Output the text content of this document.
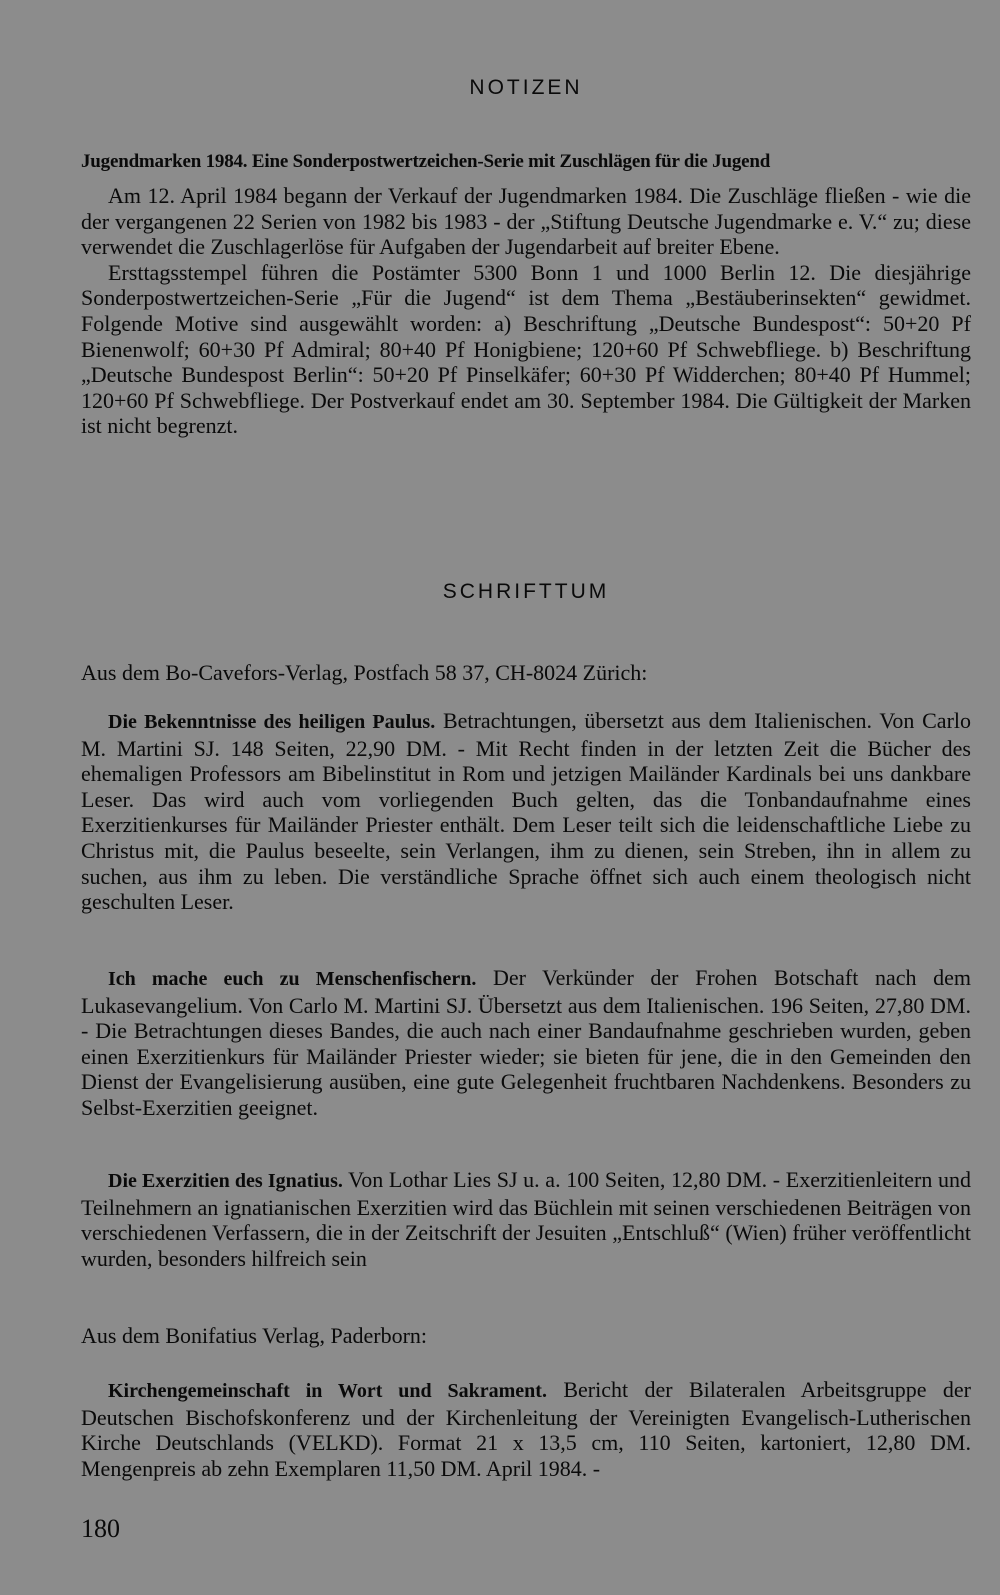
NOTIZEN

Jugendmarken 1984. Eine Sonderpostwertzeichen-Serie mit Zuschlägen für die Jugend

Am 12. April 1984 begann der Verkauf der Jugendmarken 1984. Die Zuschläge fließen - wie die der vergangenen 22 Serien von 1982 bis 1983 - der „Stiftung Deutsche Jugendmarke e. V.“ zu; diese verwendet die Zuschlagerlöse für Aufgaben der Jugendarbeit auf breiter Ebene.

Ersttagsstempel führen die Postämter 5300 Bonn 1 und 1000 Berlin 12. Die diesjährige Sonderpostwertzeichen-Serie „Für die Jugend“ ist dem Thema „Bestäuberinsekten“ gewidmet. Folgende Motive sind ausgewählt worden: a) Beschriftung „Deutsche Bundespost“: 50+20 Pf Bienenwolf; 60+30 Pf Admiral; 80+40 Pf Honigbiene; 120+60 Pf Schwebfliege. b) Beschriftung „Deutsche Bundespost Berlin“: 50+20 Pf Pinselkäfer; 60+30 Pf Widderchen; 80+40 Pf Hummel; 120+60 Pf Schwebfliege. Der Postverkauf endet am 30. September 1984. Die Gültigkeit der Marken ist nicht begrenzt.

SCHRIFTTUM

Aus dem Bo-Cavefors-Verlag, Postfach 58 37, CH-8024 Zürich:

Die Bekenntnisse des heiligen Paulus. Betrachtungen, übersetzt aus dem Italienischen. Von Carlo M. Martini SJ. 148 Seiten, 22,90 DM. - Mit Recht finden in der letzten Zeit die Bücher des ehemaligen Professors am Bibelinstitut in Rom und jetzigen Mailänder Kardinals bei uns dankbare Leser. Das wird auch vom vorliegenden Buch gelten, das die Tonbandaufnahme eines Exerzitienkurses für Mailänder Priester enthält. Dem Leser teilt sich die leidenschaftliche Liebe zu Christus mit, die Paulus beseelte, sein Verlangen, ihm zu dienen, sein Streben, ihn in allem zu suchen, aus ihm zu leben. Die verständliche Sprache öffnet sich auch einem theologisch nicht geschulten Leser.

Ich mache euch zu Menschenfischern. Der Verkünder der Frohen Botschaft nach dem Lukasevangelium. Von Carlo M. Martini SJ. Übersetzt aus dem Italienischen. 196 Seiten, 27,80 DM. - Die Betrachtungen dieses Bandes, die auch nach einer Bandaufnahme geschrieben wurden, geben einen Exerzitienkurs für Mailänder Priester wieder; sie bieten für jene, die in den Gemeinden den Dienst der Evangelisierung ausüben, eine gute Gelegenheit fruchtbaren Nachdenkens. Besonders zu Selbst-Exerzitien geeignet.

Die Exerzitien des Ignatius. Von Lothar Lies SJ u. a. 100 Seiten, 12,80 DM. - Exerzitienleitern und Teilnehmern an ignatianischen Exerzitien wird das Büchlein mit seinen verschiedenen Beiträgen von verschiedenen Verfassern, die in der Zeitschrift der Jesuiten „Entschluß“ (Wien) früher veröffentlicht wurden, besonders hilfreich sein

Aus dem Bonifatius Verlag, Paderborn:

Kirchengemeinschaft in Wort und Sakrament. Bericht der Bilateralen Arbeitsgruppe der Deutschen Bischofskonferenz und der Kirchenleitung der Vereinigten Evangelisch-Lutherischen Kirche Deutschlands (VELKD). Format 21 x 13,5 cm, 110 Seiten, kartoniert, 12,80 DM. Mengenpreis ab zehn Exemplaren 11,50 DM. April 1984. -

180
